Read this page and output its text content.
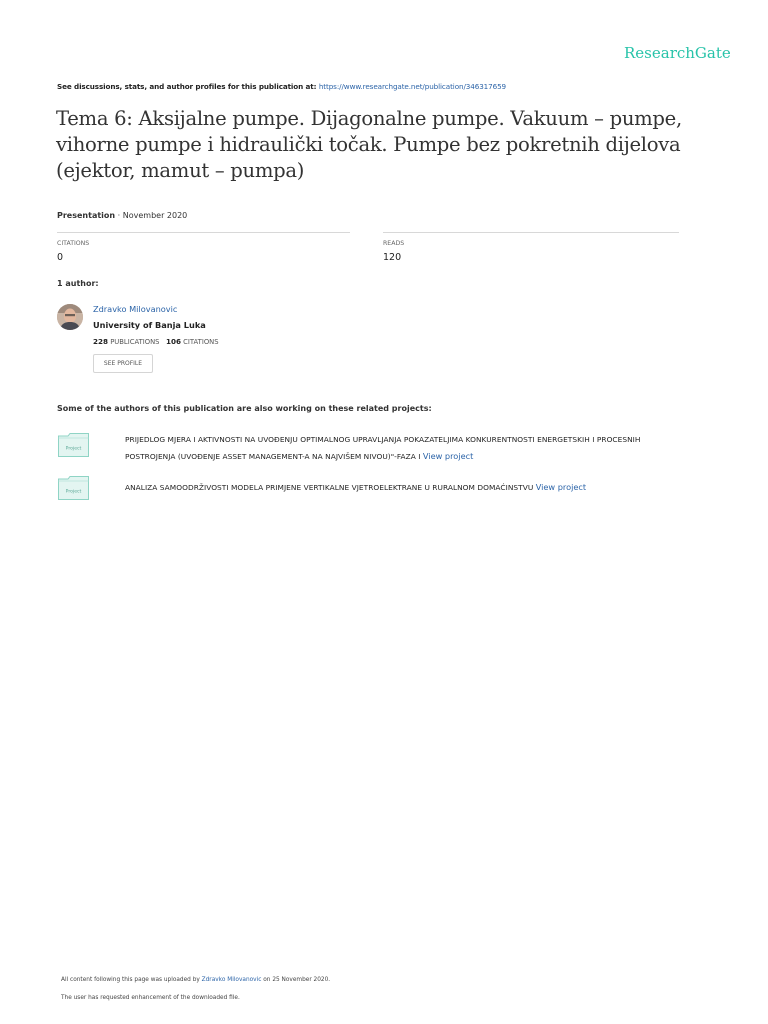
ResearchGate
See discussions, stats, and author profiles for this publication at: https://www.researchgate.net/publication/346317659
Tema 6: Aksijalne pumpe. Dijagonalne pumpe. Vakuum – pumpe, vihorne pumpe i hidraulički točak. Pumpe bez pokretnih dijelova (ejektor, mamut – pumpa)
Presentation · November 2020
CITATIONS
0
READS
120
1 author:
Zdravko Milovanovic
University of Banja Luka
228 PUBLICATIONS 106 CITATIONS
SEE PROFILE
Some of the authors of this publication are also working on these related projects:
Project
PRIJEDLOG MJERA I AKTIVNOSTI NA UVOĐENJU OPTIMALNOG UPRAVLJANJA POKAZATELJIMA KONKURENTNOSTI ENERGETSKIH I PROCESNIH POSTROJENJA (UVOĐENJE ASSET MANAGEMENT-A NA NAJVIŠEM NIVOU)"-FAZA I View project
Project	ANALIZA SAMOODRŽIVOSTI MODELA PRIMJENE VERTIKALNE VJETROELEKTRANE U RURALNOM DOMAĆINSTVU View project
All content following this page was uploaded by Zdravko Milovanovic on 25 November 2020.
The user has requested enhancement of the downloaded file.
